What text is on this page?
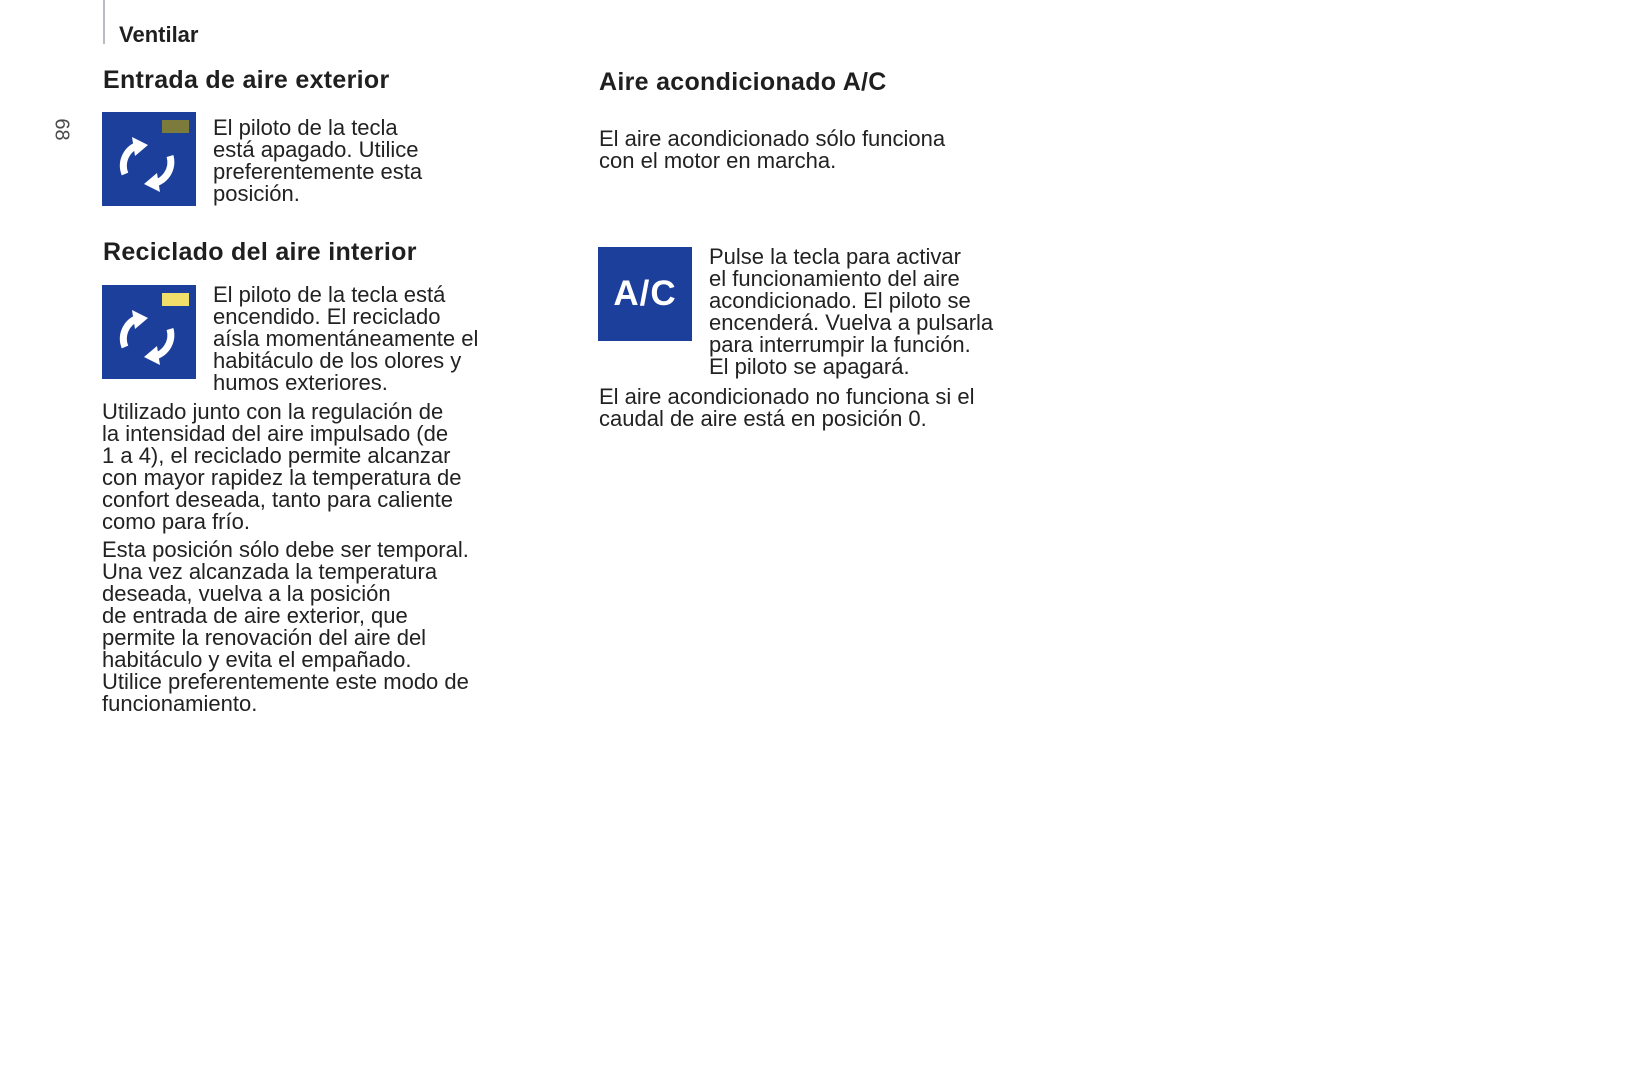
Ventilar
68
Entrada de aire exterior

El piloto de la tecla
está apagado. Utilice
preferentemente esta
posición.

Reciclado del aire interior

El piloto de la tecla está
encendido. El reciclado
aísla momentáneamente el
habitáculo de los olores y
humos exteriores.

Utilizado junto con la regulación de
la intensidad del aire impulsado (de
1 a 4), el reciclado permite alcanzar
con mayor rapidez la temperatura de
confort deseada, tanto para caliente
como para frío.

Esta posición sólo debe ser temporal.
Una vez alcanzada la temperatura
deseada, vuelva a la posición
de entrada de aire exterior, que
permite la renovación del aire del
habitáculo y evita el empañado.
Utilice preferentemente este modo de
funcionamiento.

Aire acondicionado A/C

El aire acondicionado sólo funciona
con el motor en marcha.

A/C

Pulse la tecla para activar
el funcionamiento del aire
acondicionado. El piloto se
encenderá. Vuelva a pulsarla
para interrumpir la función.
El piloto se apagará.

El aire acondicionado no funciona si el
caudal de aire está en posición 0.
